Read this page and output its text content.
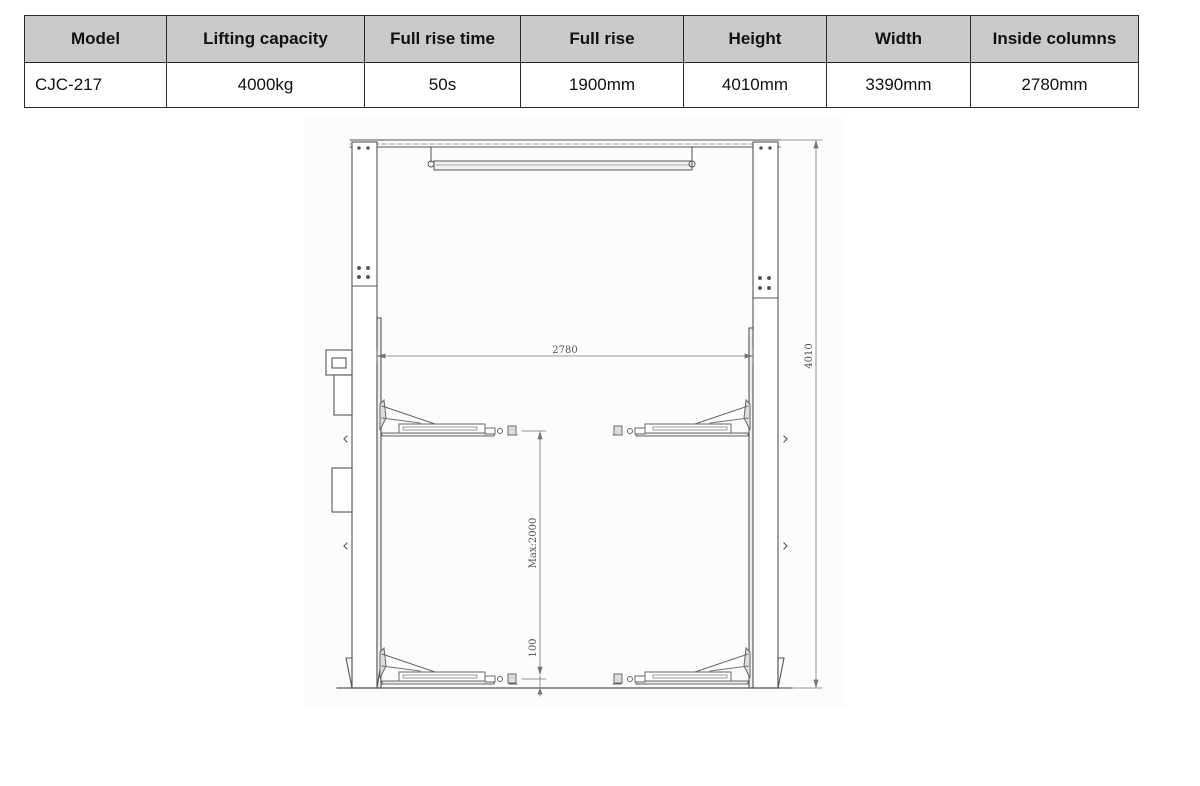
Model	Lifting capacity	Full rise time	Full rise	Height	Width	Inside columns
CJC-217	4000kg	50s	1900mm	4010mm	3390mm	2780mm
2780	4010
Max:2000
100
